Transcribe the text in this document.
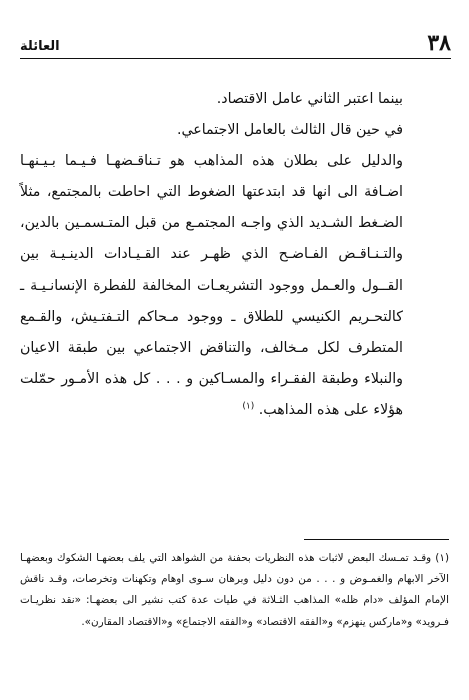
٣٨
العائلة

بينما اعتبر الثاني عامل الاقتصاد.

في حين قال الثالث بالعامل الاجتماعي.

والدليل على بطلان هذه المذاهب هو تـناقـضهـا فـيـما بـيـنهـا اضـافة الى انها قد ابتدعتها الضغوط التي احاطت بالمجتمع، مثلاً الضـغط الشـديد الذي واجـه المجتمـع من قبل المتـسمـين بالدين، والتـنـاقـض الفـاضـح الذي ظهـر عند القـيـادات الدينـيـة بين القــول والعـمل ووجود التشريعـات المخالفة للفطرة الإنسانـيـة ـ كالتحـريم الكنيسي للطلاق ـ ووجود مـحاكم التـفتـيش، والقـمع المتطرف لكل مـخالف، والتناقض الاجتماعي بين طبقة الاعيان والنبلاء وطبقة الفقـراء والمسـاكين و . . . كل هذه الأمـور حمّلت هؤلاء على هذه المذاهب. $^{(١)}$

(١) وقـد تمـسك البعض لاثبات هذه النظريات بحفنة من الشواهد التي يلف بعضهـا الشكوك وبعضهـا الآخر الابهام والغمـوض و . . . من دون دليل وبرهان سـوى اوهام وتكهنات وتخرصات، وقـد ناقش الإمام المؤلف «دام ظله» المذاهب الثـلاثة في طيات عدة كتب نشير الى بعضهـا: «نقد نظريـات فـرويد» و«ماركس ينهزم» و«الفقه الاقتصاد» و«الفقه الاجتماع» و«الاقتصاد المقارن».
